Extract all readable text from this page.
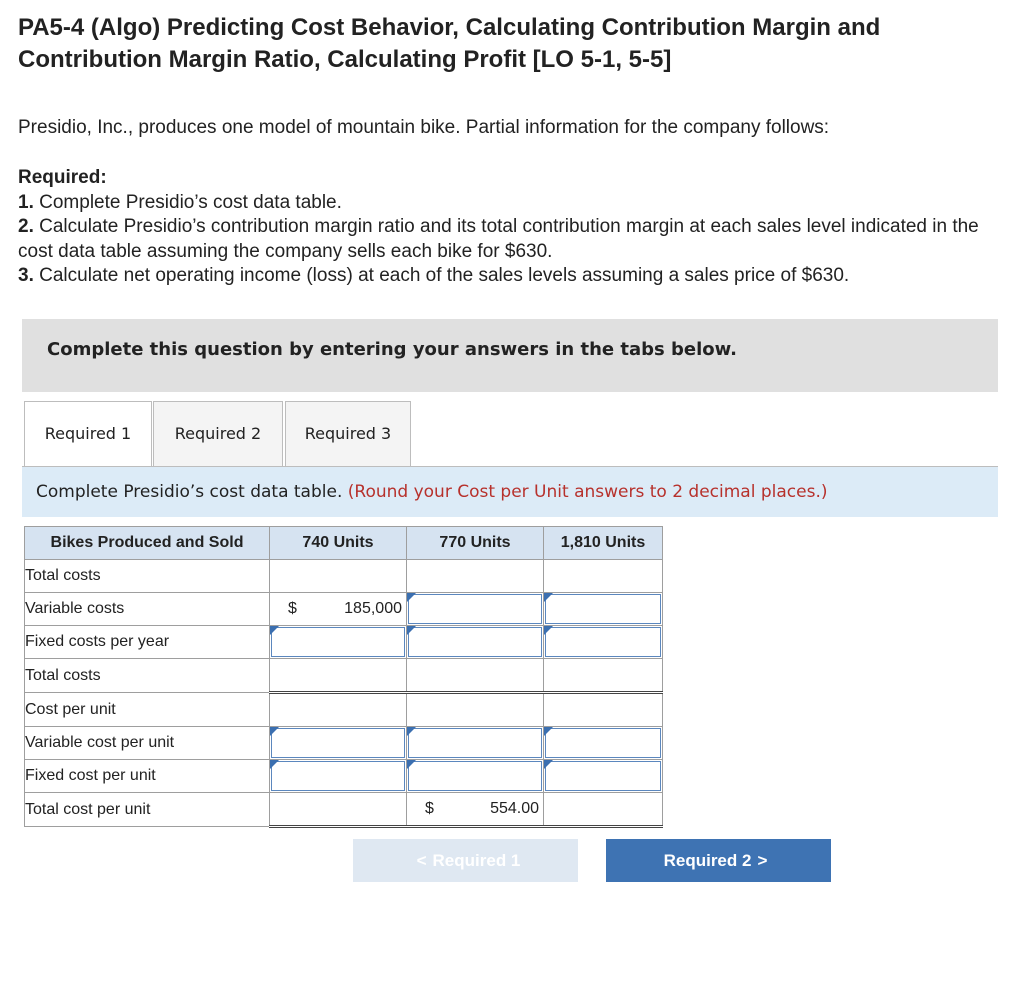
PA5-4 (Algo) Predicting Cost Behavior, Calculating Contribution Margin and Contribution Margin Ratio, Calculating Profit [LO 5-1, 5-5]
Presidio, Inc., produces one model of mountain bike. Partial information for the company follows:
Required:
1. Complete Presidio’s cost data table.
2. Calculate Presidio’s contribution margin ratio and its total contribution margin at each sales level indicated in the cost data table assuming the company sells each bike for $630.
3. Calculate net operating income (loss) at each of the sales levels assuming a sales price of $630.
Complete this question by entering your answers in the tabs below.
Required 1	Required 2	Required 3
Complete Presidio’s cost data table. (Round your Cost per Unit answers to 2 decimal places.)
Bikes Produced and Sold	740 Units	770 Units	1,810 Units
Total costs			
Variable costs	$ 185,000		

Fixed costs per year	

Total costs			
Cost per unit			
Variable cost per unit	

Fixed cost per unit	

Total cost per unit		$ 554.00	

< Required 1	Required 2 >
